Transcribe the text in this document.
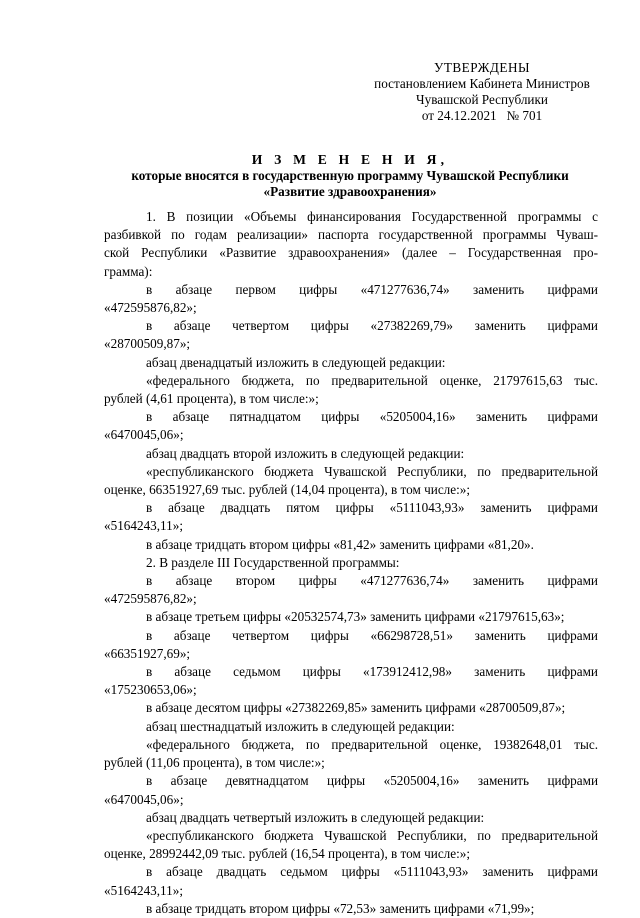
УТВЕРЖДЕНЫ
постановлением Кабинета Министров
Чувашской Республики
от 24.12.2021   № 701
И З М Е Н Е Н И Я,
которые вносятся в государственную программу Чувашской Республики
«Развитие здравоохранения»

1. В позиции «Объемы финансирования Государственной программы с

разбивкой по годам реализации» паспорта государственной программы Чуваш-

ской Республики «Развитие здравоохранения» (далее – Государственная про-

грамма):

в абзаце первом цифры «471277636,74» заменить цифрами

«472595876,82»;

в абзаце четвертом цифры «27382269,79» заменить цифрами

«28700509,87»;

абзац двенадцатый изложить в следующей редакции:

«федерального бюджета, по предварительной оценке, 21797615,63 тыс.

рублей (4,61 процента), в том числе:»;

в абзаце пятнадцатом цифры «5205004,16» заменить цифрами

«6470045,06»;

абзац двадцать второй изложить в следующей редакции:

«республиканского бюджета Чувашской Республики, по предварительной

оценке, 66351927,69 тыс. рублей (14,04 процента), в том числе:»;

в абзаце двадцать пятом цифры «5111043,93» заменить цифрами

«5164243,11»;

в абзаце тридцать втором цифры «81,42» заменить цифрами «81,20».

2. В разделе III Государственной программы:

в абзаце втором цифры «471277636,74» заменить цифрами

«472595876,82»;

в абзаце третьем цифры «20532574,73» заменить цифрами «21797615,63»;

в абзаце четвертом цифры «66298728,51» заменить цифрами

«66351927,69»;

в абзаце седьмом цифры «173912412,98» заменить цифрами

«175230653,06»;

в абзаце десятом цифры «27382269,85» заменить цифрами «28700509,87»;

абзац шестнадцатый изложить в следующей редакции:

«федерального бюджета, по предварительной оценке, 19382648,01 тыс.

рублей (11,06 процента), в том числе:»;

в абзаце девятнадцатом цифры «5205004,16» заменить цифрами

«6470045,06»;

абзац двадцать четвертый изложить в следующей редакции:

«республиканского бюджета Чувашской Республики, по предварительной

оценке, 28992442,09 тыс. рублей (16,54 процента), в том числе:»;

в абзаце двадцать седьмом цифры «5111043,93» заменить цифрами

«5164243,11»;

в абзаце тридцать втором цифры «72,53» заменить цифрами «71,99»;
